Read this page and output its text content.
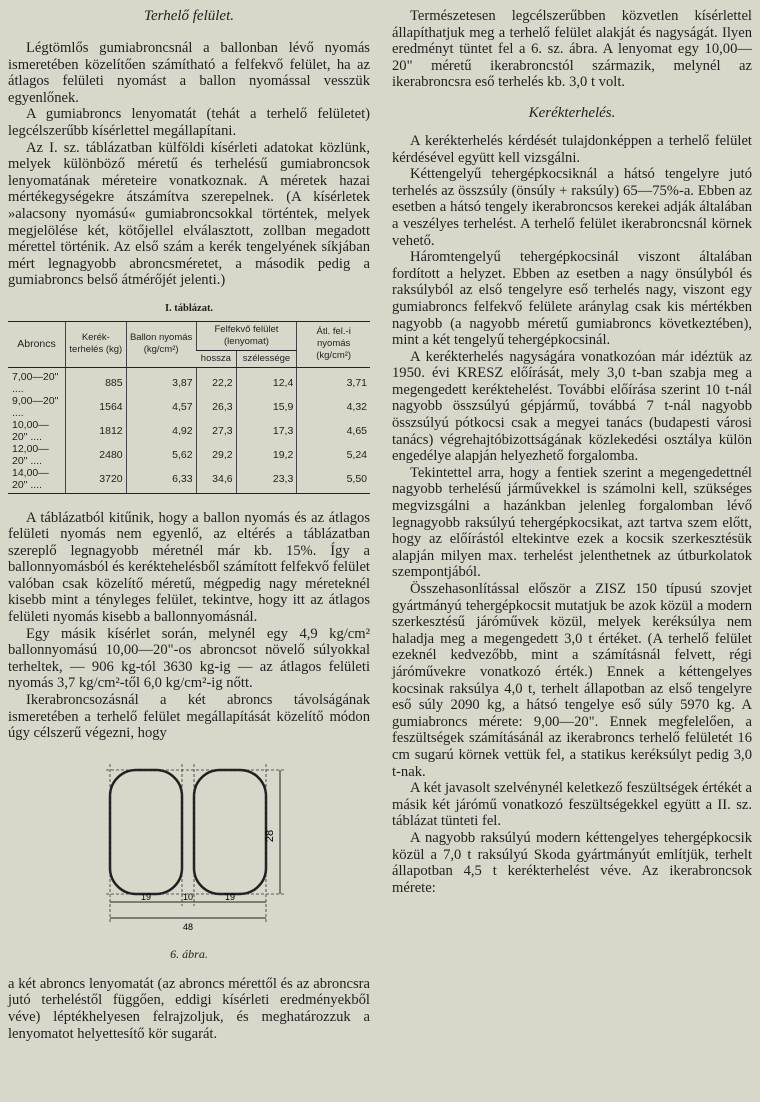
Terhelő felület.

Légtömlős gumiabroncsnál a ballonban lévő nyomás ismeretében közelítően számítható a felfekvő felület, ha az átlagos felületi nyomást a ballon nyomással vesszük egyenlőnek.

A gumiabroncs lenyomatát (tehát a terhelő felületet) legcélszerűbb kísérlettel megállapítani.

Az I. sz. táblázatban külföldi kísérleti adatokat közlünk, melyek különböző méretű és terhelésű gumiabroncsok lenyomatának méreteire vonatkoznak. A méretek hazai mértékegységekre átszámítva szerepelnek. (A kísérletek »alacsony nyomású« gumiabroncsokkal történtek, melyek megjelölése két, kötőjellel elválasztott, zollban megadott mérettel történik. Az első szám a kerék tengelyének síkjában mért legnagyobb abroncsméretet, a második pedig a gumiabroncs belső átmérőjét jelenti.)

I. táblázat.
Abroncs	Kerék-terhelés (kg)	Ballon nyomás (kg/cm²)	Felfekvő felület (lenyomat)		Átl. fel.-i nyomás (kg/cm²)
			hossza	szélessége	
7,00—20" ....	885	3,87	22,2	12,4	3,71
9,00—20" ....	1564	4,57	26,3	15,9	4,32
10,00—20" ....	1812	4,92	27,3	17,3	4,65
12,00—20" ....	2480	5,62	29,2	19,2	5,24
14,00—20" ....	3720	6,33	34,6	23,3	5,50

A táblázatból kitűnik, hogy a ballon nyomás és az átlagos felületi nyomás nem egyenlő, az eltérés a táblázatban szereplő legnagyobb méretnél már kb. 15%. Így a ballonnyomásból és keréktehelésből számított felfekvő felület valóban csak közelítő méretű, mégpedig nagy méreteknél kisebb mint a tényleges felület, tekintve, hogy itt az átlagos felületi nyomás kisebb a ballonnyomásnál.

Egy másik kísérlet során, melynél egy 4,9 kg/cm² ballonnyomású 10,00—20"-os abroncsot növelő súlyokkal terheltek, — 906 kg-tól 3630 kg-ig — az átlagos felületi nyomás 3,7 kg/cm²-től 6,0 kg/cm²-ig nőtt.

Ikerabroncsozásnál a két abroncs távolságának ismeretében a terhelő felület megállapítását közelítő módon úgy célszerű végezni, hogy

28
19	10	19
48
6. ábra.

a két abroncs lenyomatát (az abroncs mérettől és az abroncsra jutó terheléstől függően, eddigi kísérleti eredményekből véve) léptékhelyesen felrajzoljuk, és meghatározzuk a lenyomatot helyettesítő kör sugarát.

Természetesen legcélszerűbben közvetlen kísérlettel állapíthatjuk meg a terhelő felület alakját és nagyságát. Ilyen eredményt tüntet fel a 6. sz. ábra. A lenyomat egy 10,00—20" méretű ikerabroncstól származik, melynél az ikerabroncsra eső terhelés kb. 3,0 t volt.

Kerékterhelés.

A kerékterhelés kérdését tulajdonképpen a terhelő felület kérdésével együtt kell vizsgálni.

Kéttengelyű tehergépkocsiknál a hátsó tengelyre jutó terhelés az összsúly (önsúly + raksúly) 65—75%-a. Ebben az esetben a hátsó tengely ikerabroncsos kerekei adják általában a veszélyes terhelést. A terhelő felület ikerabroncsnál körnek vehető.

Háromtengelyű tehergépkocsinál viszont általában fordított a helyzet. Ebben az esetben a nagy önsúlyból és raksúlyból az első tengelyre eső terhelés nagy, viszont egy gumiabroncs felfekvő felülete aránylag csak kis mértékben nagyobb (a nagyobb méretű gumiabroncs következtében), mint a két tengelyű tehergépkocsinál.

A kerékterhelés nagyságára vonatkozóan már idéztük az 1950. évi KRESZ előírását, mely 3,0 t-ban szabja meg a megengedett keréktehelést. További előírása szerint 10 t-nál nagyobb összsúlyú gépjármű, továbbá 7 t-nál nagyobb összsúlyú pótkocsi csak a megyei tanács (budapesti városi tanács) végrehajtóbizottságának közlekedési osztálya külön engedélye alapján helyezhető forgalomba.

Tekintettel arra, hogy a fentiek szerint a megengedettnél nagyobb terhelésű járművekkel is számolni kell, szükséges megvizsgálni a hazánkban jelenleg forgalomban lévő legnagyobb raksúlyú tehergépkocsikat, azt tartva szem előtt, hogy az előírástól eltekintve ezek a kocsik szerkesztésük alapján milyen max. terhelést jelenthetnek az útburkolatok szempontjából.

Összehasonlítással először a ZISZ 150 típusú szovjet gyártmányú tehergépkocsit mutatjuk be azok közül a modern szerkesztésű járóművek közül, melyek keréksúlya nem haladja meg a megengedett 3,0 t értéket. (A terhelő felület ezeknél kedvezőbb, mint a számításnál felvett, régi járóművekre vonatkozó érték.) Ennek a kéttengelyes kocsinak raksúlya 4,0 t, terhelt állapotban az első tengelyre eső súly 2090 kg, a hátsó tengelye eső súly 5970 kg. A gumiabroncs mérete: 9,00—20". Ennek megfelelően, a feszültségek számításánál az ikerabroncs terhelő felületét 16 cm sugarú körnek vettük fel, a statikus keréksúlyt pedig 3,0 t-nak.

A két javasolt szelvénynél keletkező feszültségek értékét a másik két járómű vonatkozó feszültségekkel együtt a II. sz. táblázat tünteti fel.

A nagyobb raksúlyú modern kéttengelyes tehergépkocsik közül a 7,0 t raksúlyú Skoda gyártmányút említjük, terhelt állapotban 4,5 t kerékterhelést véve. Az ikerabroncsok mérete:
